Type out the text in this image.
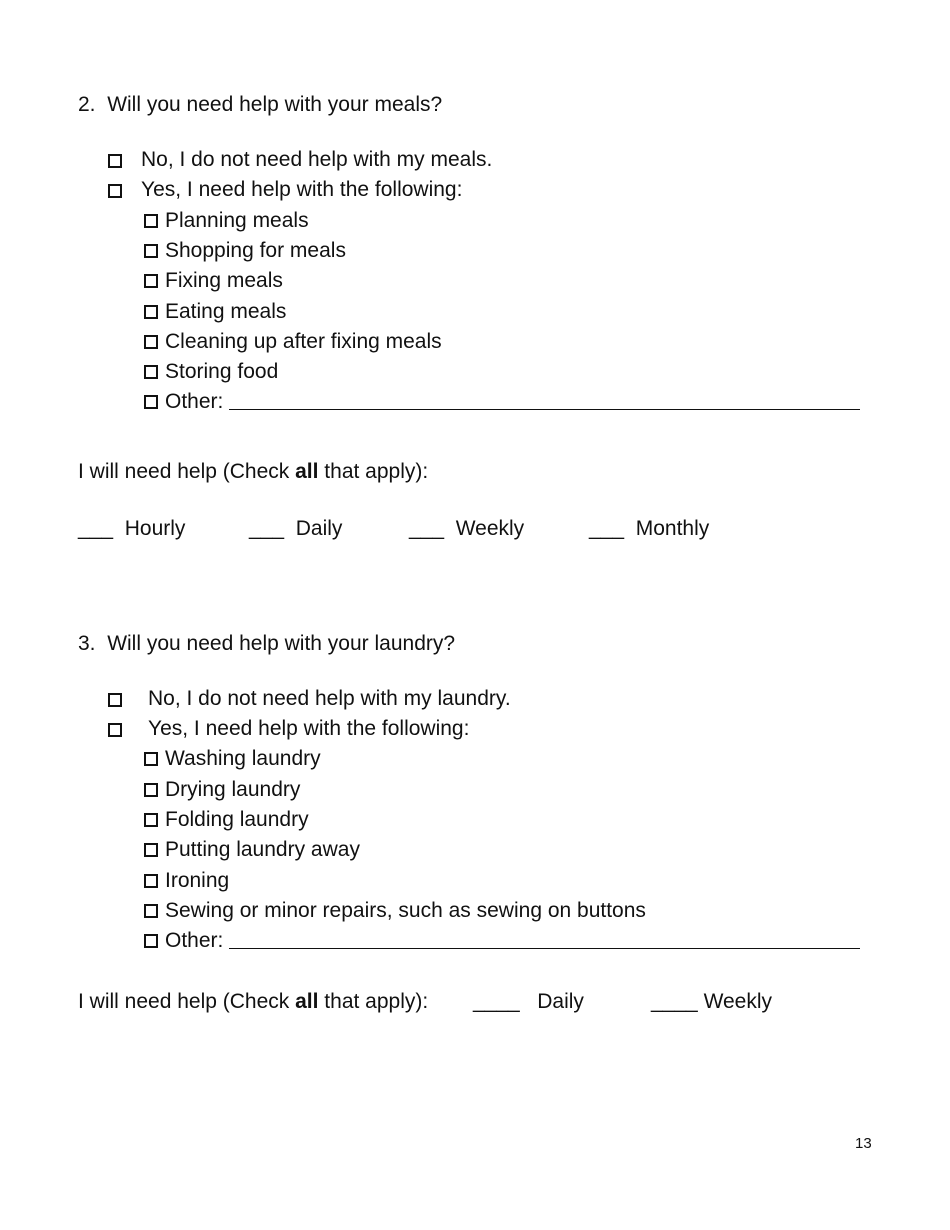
2. Will you need help with your meals?
No, I do not need help with my meals.
Yes, I need help with the following:
Planning meals
Shopping for meals
Fixing meals
Eating meals
Cleaning up after fixing meals
Storing food
Other:
I will need help (Check all that apply):
___ Hourly	___ Daily	___ Weekly	___ Monthly
3. Will you need help with your laundry?
No, I do not need help with my laundry.
Yes, I need help with the following:
Washing laundry
Drying laundry
Folding laundry
Putting laundry away
Ironing
Sewing or minor repairs, such as sewing on buttons
Other:
I will need help (Check all that apply): ____ Daily	____ Weekly
13
